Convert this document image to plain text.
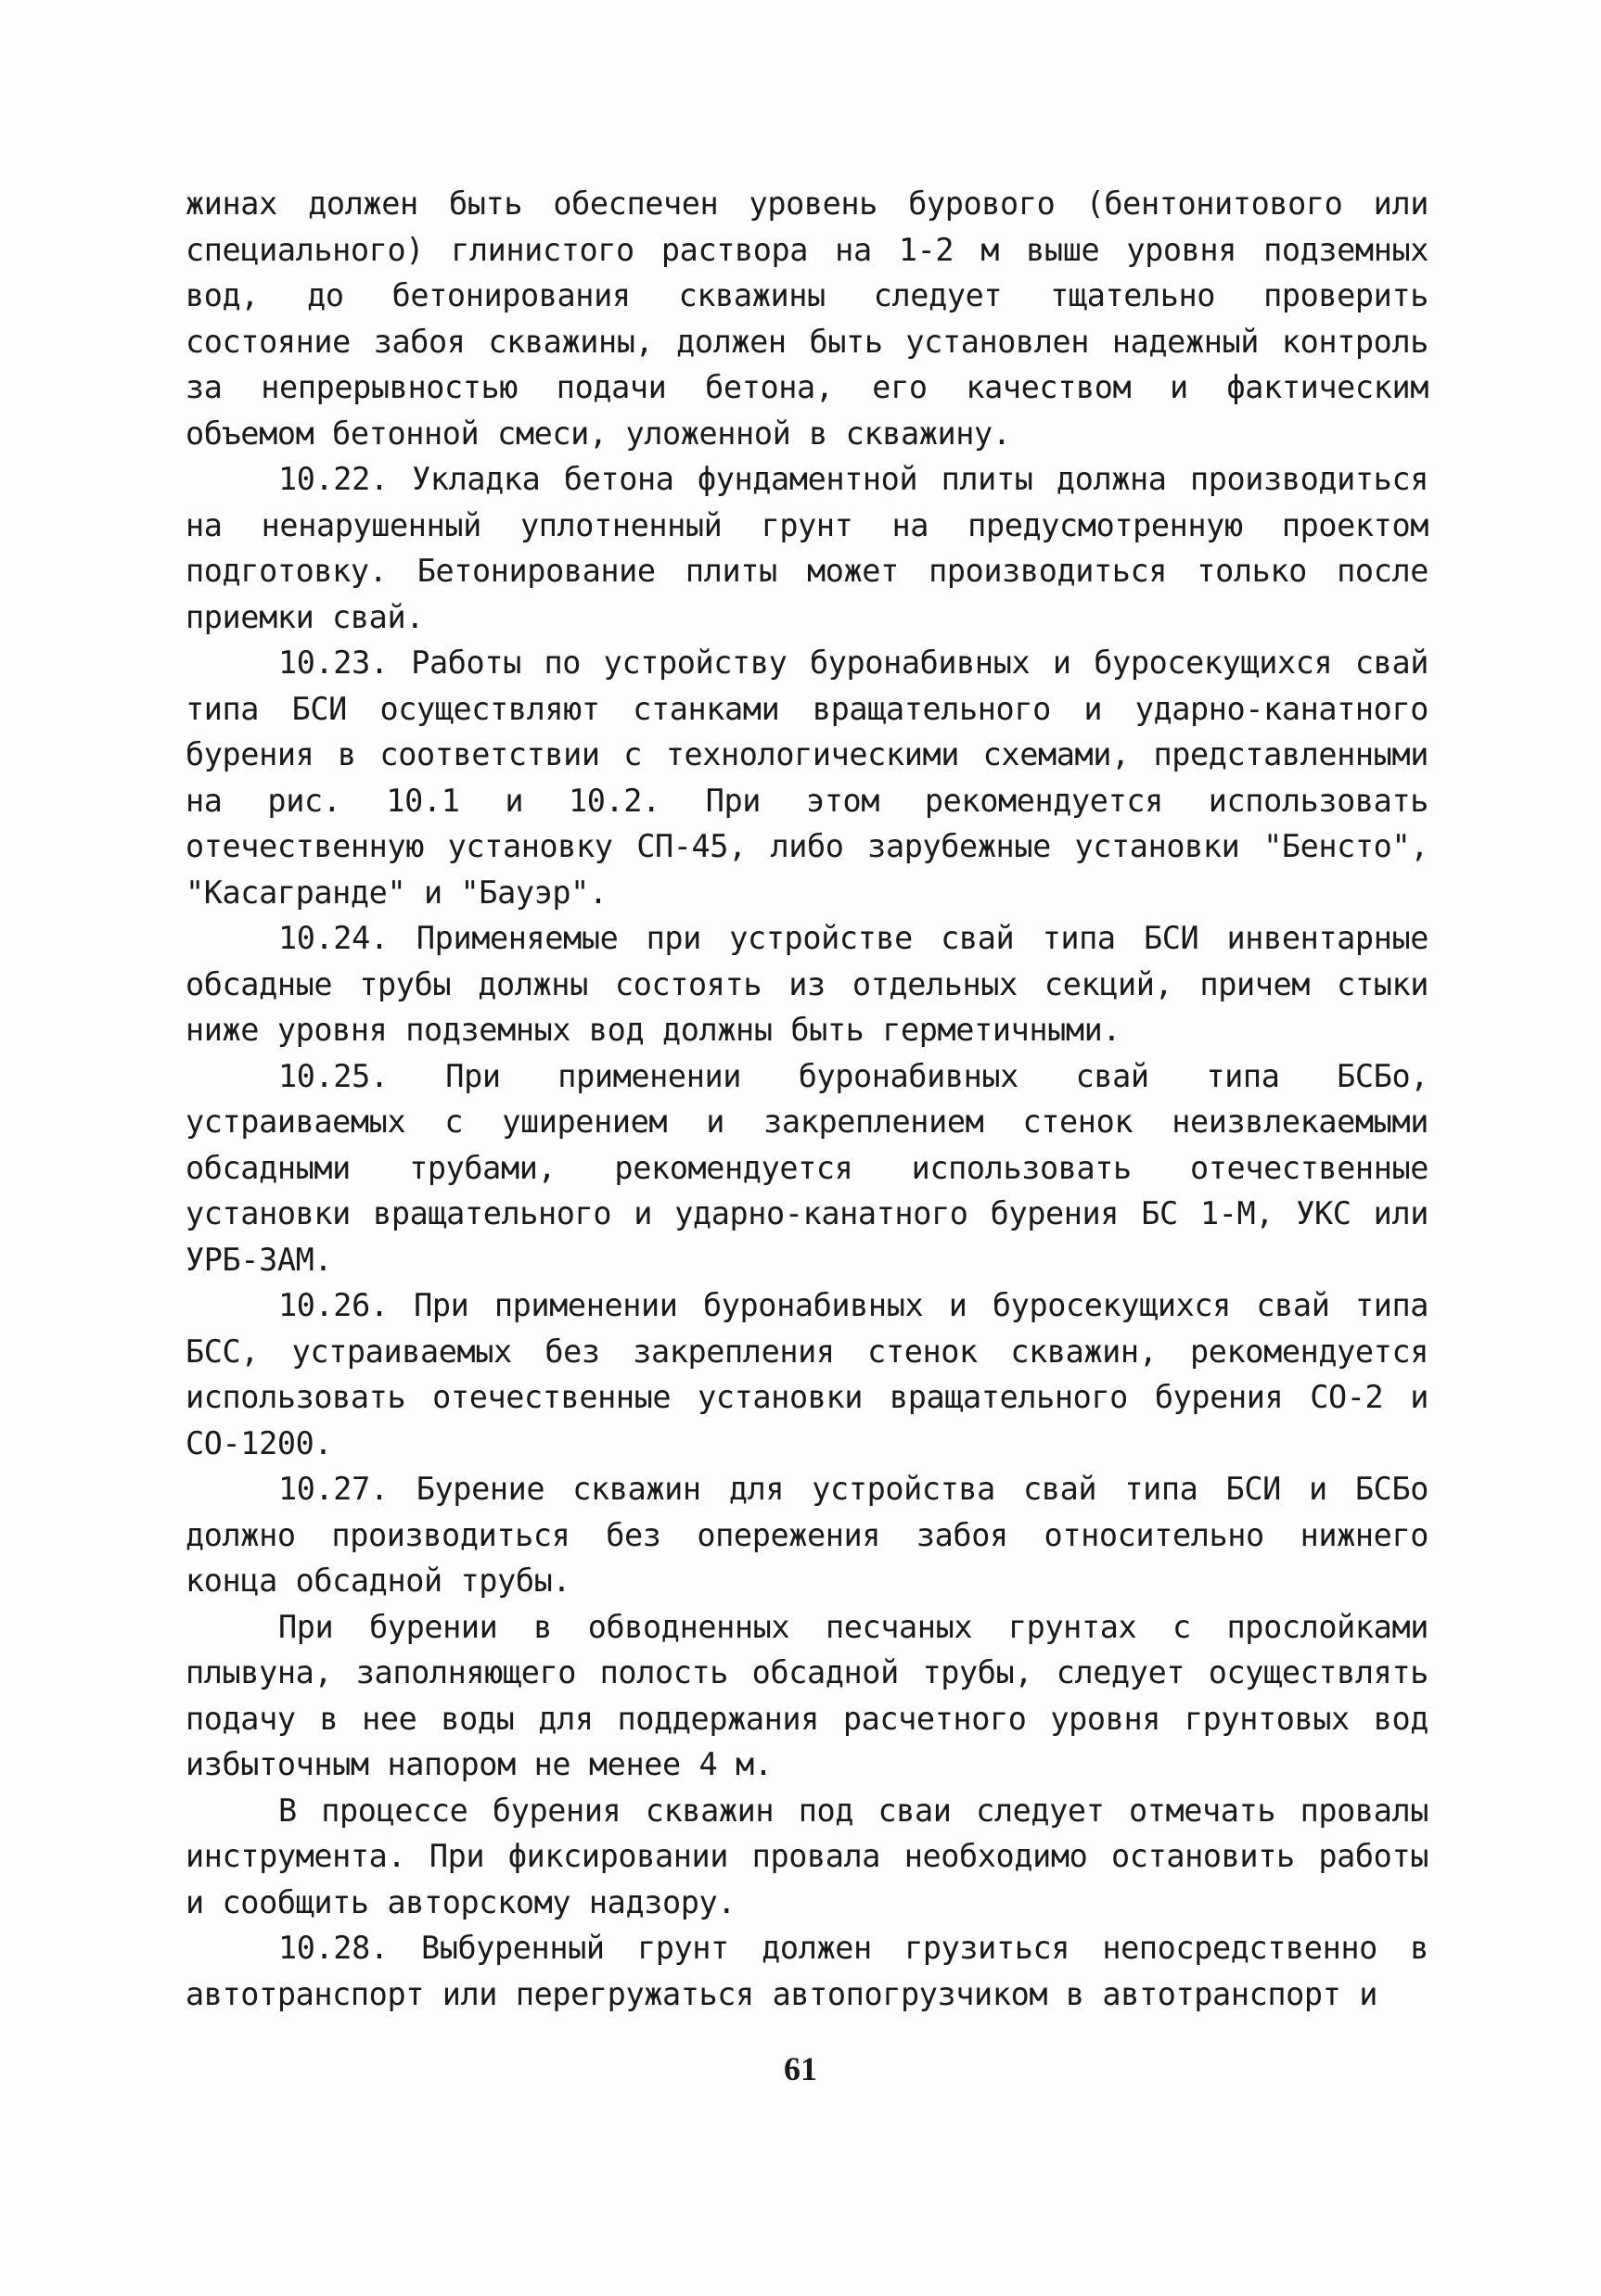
жинах должен быть обеспечен уровень бурового (бентонитового или специального) глинистого раствора на 1-2 м выше уровня подземных вод, до бетонирования скважины следует тщательно проверить состояние забоя скважины, должен быть установлен надежный контроль за непрерывностью подачи бетона, его качеством и фактическим объемом бетонной смеси, уложенной в скважину.

10.22. Укладка бетона фундаментной плиты должна производиться на ненарушенный уплотненный грунт на предусмотренную проектом подготовку. Бетонирование плиты может производиться только после приемки свай.

10.23. Работы по устройству буронабивных и буросекущихся свай типа БСИ осуществляют станками вращательного и ударно-канатного бурения в соответствии с технологическими схемами, представленными на рис. 10.1 и 10.2. При этом рекомендуется использовать отечественную установку СП-45, либо зарубежные установки "Бенсто", "Касагранде" и "Бауэр".

10.24. Применяемые при устройстве свай типа БСИ инвентарные обсадные трубы должны состоять из отдельных секций, причем стыки ниже уровня подземных вод должны быть герметичными.

10.25. При применении буронабивных свай типа БСБо, устраиваемых с уширением и закреплением стенок неизвлекаемыми обсадными трубами, рекомендуется использовать отечественные установки вращательного и ударно-канатного бурения БС 1-М, УКС или УРБ-3АМ.

10.26. При применении буронабивных и буросекущихся свай типа БСС, устраиваемых без закрепления стенок скважин, рекомендуется использовать отечественные установки вращательного бурения СО-2 и СО-1200.

10.27. Бурение скважин для устройства свай типа БСИ и БСБо должно производиться без опережения забоя относительно нижнего конца обсадной трубы.

При бурении в обводненных песчаных грунтах с прослойками плывуна, заполняющего полость обсадной трубы, следует осуществлять подачу в нее воды для поддержания расчетного уровня грунтовых вод избыточным напором не менее 4 м.

В процессе бурения скважин под сваи следует отмечать провалы инструмента. При фиксировании провала необходимо остановить работы и сообщить авторскому надзору.

10.28. Выбуренный грунт должен грузиться непосредственно в автотранспорт или перегружаться автопогрузчиком в автотранспорт и

61
